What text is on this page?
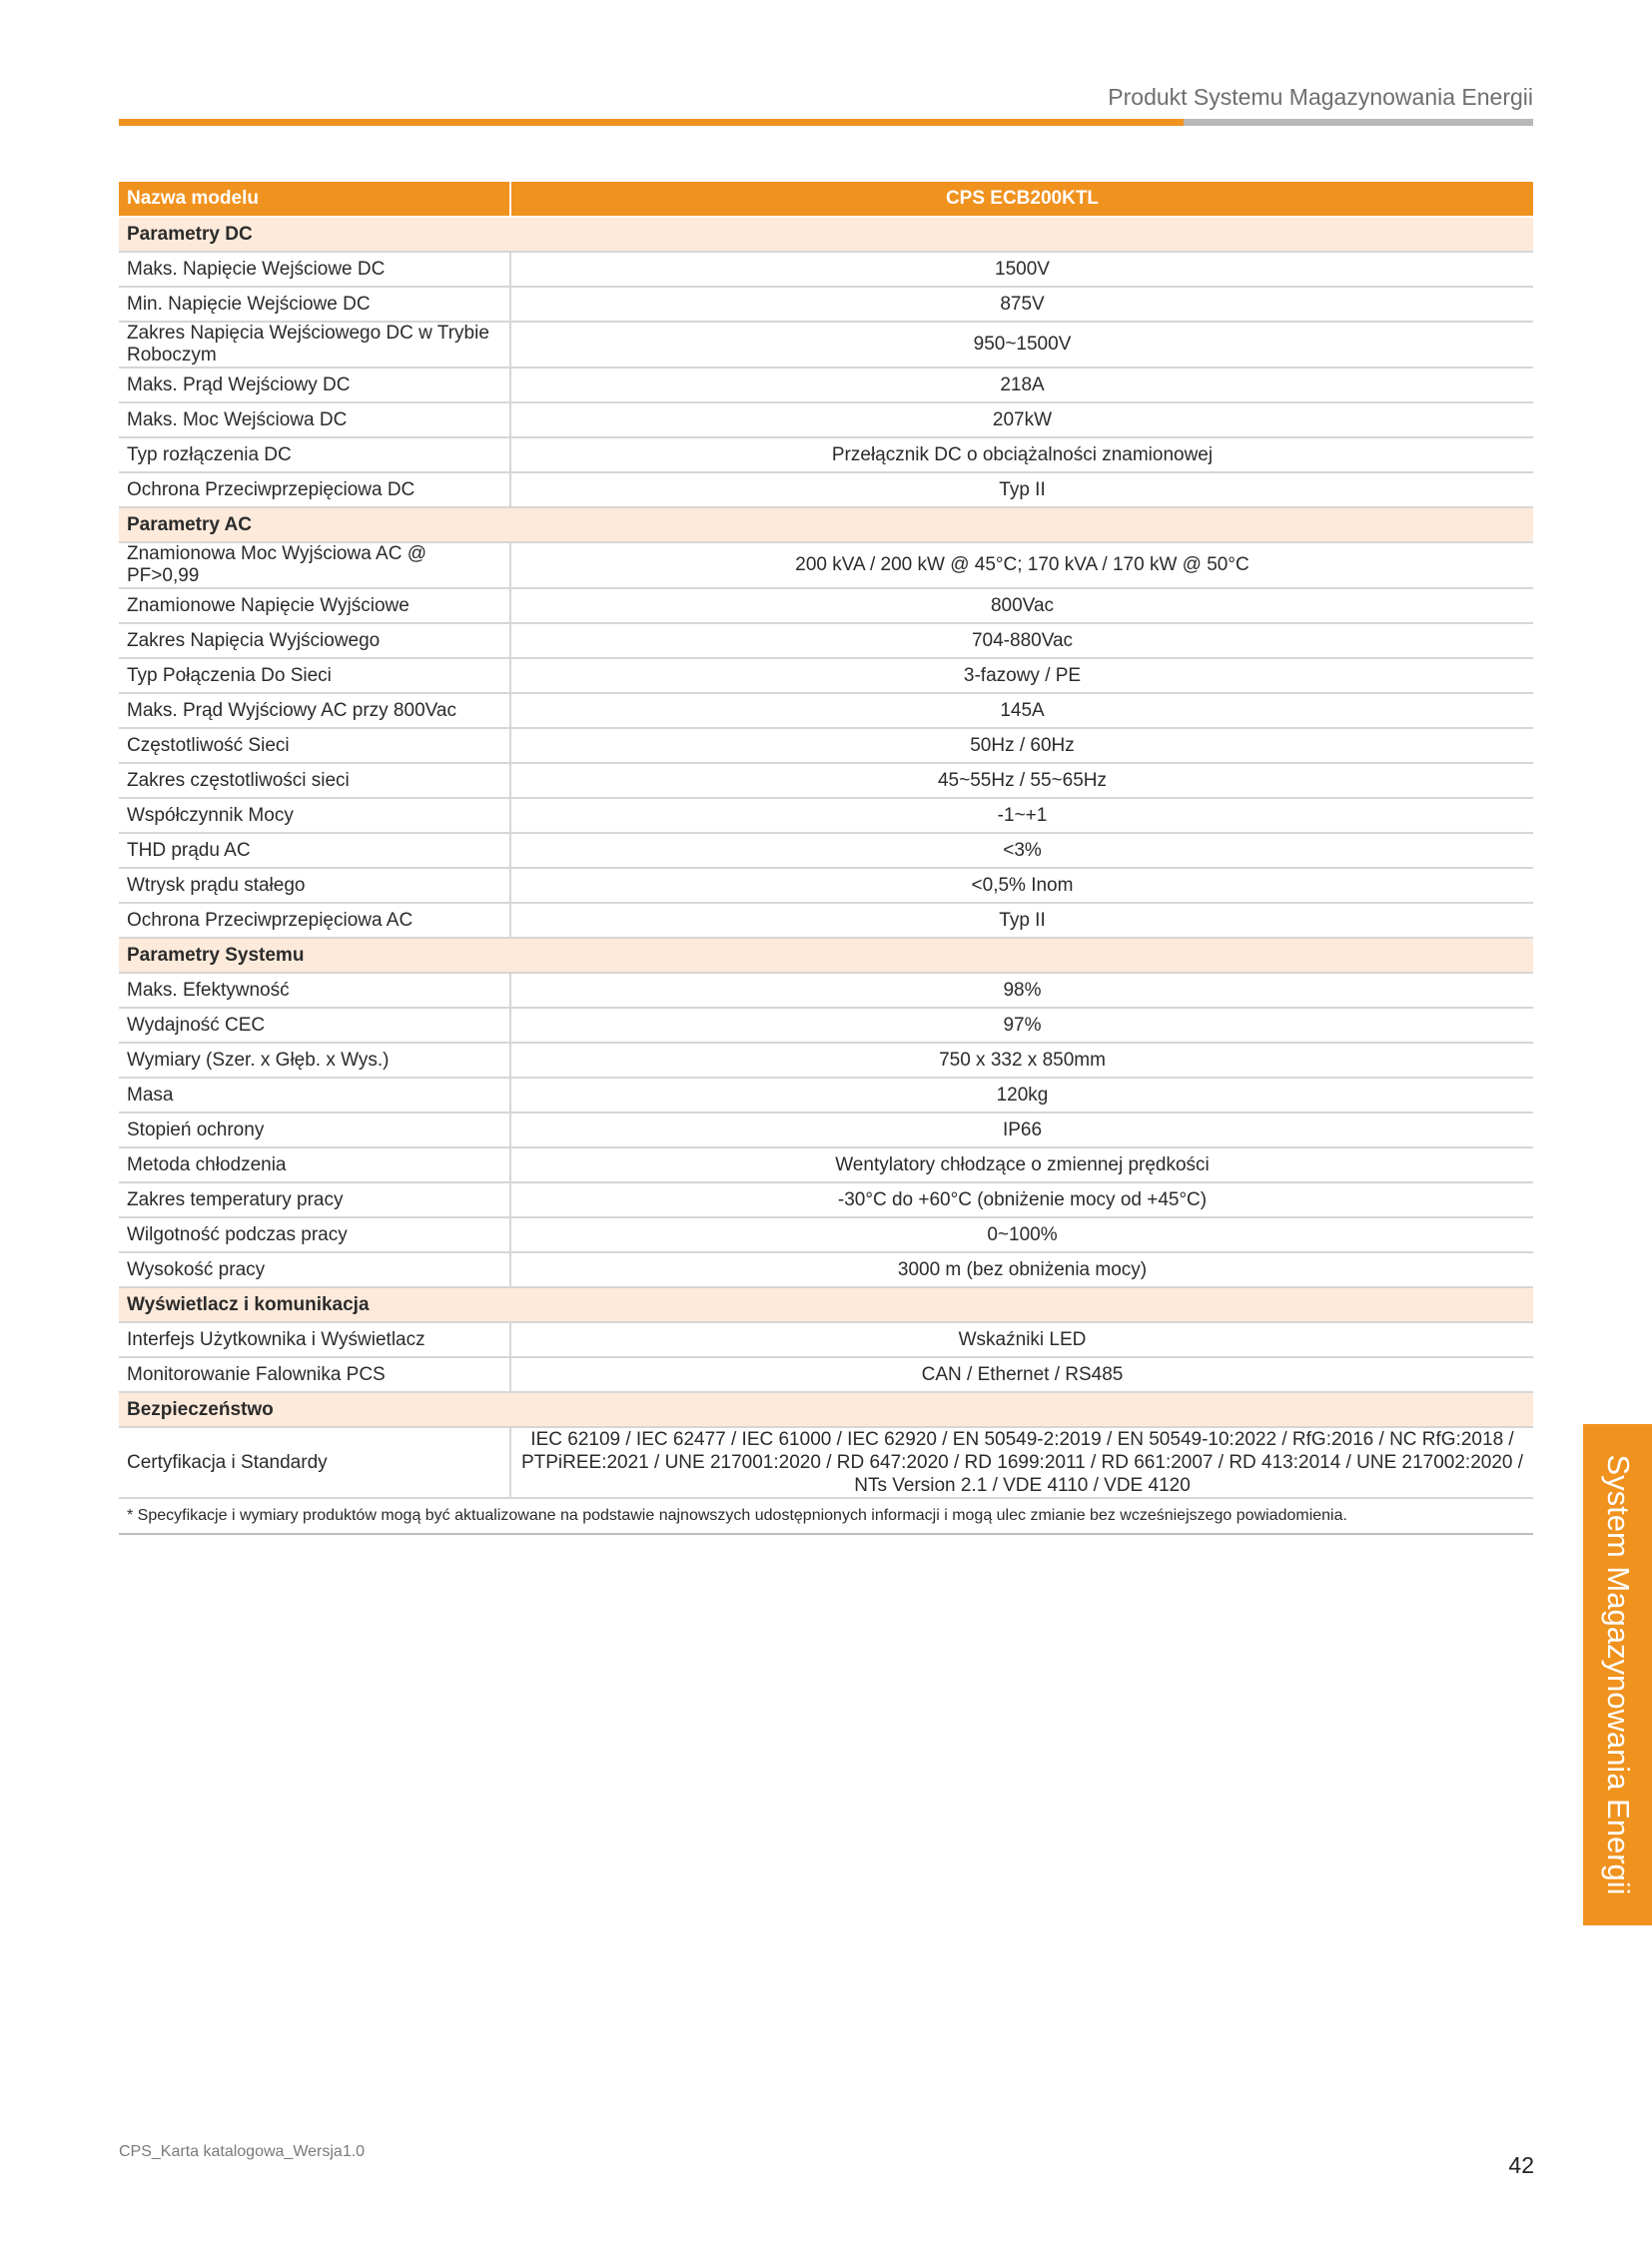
Produkt Systemu Magazynowania Energii
Nazwa modelu	CPS ECB200KTL
Parametry DC	
Maks. Napięcie Wejściowe DC	1500V
Min. Napięcie Wejściowe DC	875V
Zakres Napięcia Wejściowego DC w Trybie Roboczym	950~1500V
Maks. Prąd Wejściowy DC	218A
Maks. Moc Wejściowa DC	207kW
Typ rozłączenia DC	Przełącznik DC o obciążalności znamionowej
Ochrona Przeciwprzepięciowa DC	Typ II
Parametry AC	
Znamionowa Moc Wyjściowa AC @ PF>0,99	200 kVA / 200 kW @ 45°C; 170 kVA / 170 kW @ 50°C
Znamionowe Napięcie Wyjściowe	800Vac
Zakres Napięcia Wyjściowego	704-880Vac
Typ Połączenia Do Sieci	3-fazowy / PE
Maks. Prąd Wyjściowy AC przy 800Vac	145A
Częstotliwość Sieci	50Hz / 60Hz
Zakres częstotliwości sieci	45~55Hz / 55~65Hz
Współczynnik Mocy	-1~+1
THD prądu AC	<3%
Wtrysk prądu stałego	<0,5% Inom
Ochrona Przeciwprzepięciowa AC	Typ II
Parametry Systemu	
Maks. Efektywność	98%
Wydajność CEC	97%
Wymiary (Szer. x Głęb. x Wys.)	750 x 332 x 850mm
Masa	120kg
Stopień ochrony	IP66
Metoda chłodzenia	Wentylatory chłodzące o zmiennej prędkości
Zakres temperatury pracy	-30°C do +60°C (obniżenie mocy od +45°C)
Wilgotność podczas pracy	0~100%
Wysokość pracy	3000 m (bez obniżenia mocy)
Wyświetlacz i komunikacja	
Interfejs Użytkownika i Wyświetlacz	Wskaźniki LED
Monitorowanie Falownika PCS	CAN / Ethernet / RS485
Bezpieczeństwo	
Certyfikacja i Standardy	IEC 62109 / IEC 62477 / IEC 61000 / IEC 62920 / EN 50549-2:2019 / EN 50549-10:2022 / RfG:2016 / NC RfG:2018 / PTPiREE:2021 / UNE 217001:2020 / RD 647:2020 / RD 1699:2011 / RD 661:2007 / RD 413:2014 / UNE 217002:2020 / NTs Version 2.1 / VDE 4110 / VDE 4120
* Specyfikacje i wymiary produktów mogą być aktualizowane na podstawie najnowszych udostępnionych informacji i mogą ulec zmianie bez wcześniejszego powiadomienia.		System Magazynowania Energii
CPS_Karta katalogowa_Wersja1.0
42
